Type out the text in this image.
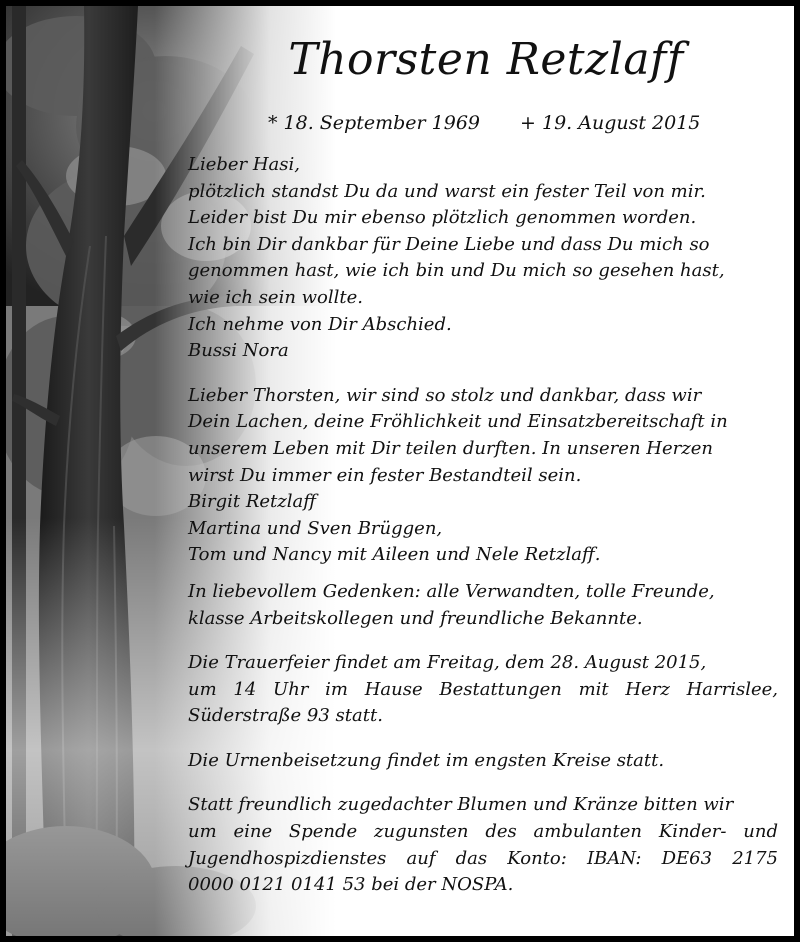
Thorsten Retzlaff
* 18. September 1969 + 19. August 2015
Lieber Hasi,
plötzlich standst Du da und warst ein fester Teil von mir.
Leider bist Du mir ebenso plötzlich genommen worden.
Ich bin Dir dankbar für Deine Liebe und dass Du mich so
genommen hast, wie ich bin und Du mich so gesehen hast,
wie ich sein wollte.
Ich nehme von Dir Abschied.
Bussi Nora
Lieber Thorsten, wir sind so stolz und dankbar, dass wir
Dein Lachen, deine Fröhlichkeit und Einsatzbereitschaft in
unserem Leben mit Dir teilen durften. In unseren Herzen
wirst Du immer ein fester Bestandteil sein.
Birgit Retzlaff
Martina und Sven Brüggen,
Tom und Nancy mit Aileen und Nele Retzlaff.
In liebevollem Gedenken: alle Verwandten, tolle Freunde,
klasse Arbeitskollegen und freundliche Bekannte.
Die Trauerfeier findet am Freitag, dem 28. August 2015,
um 14 Uhr im Hause Bestattungen mit Herz Harrislee,
Süderstraße 93 statt.
Die Urnenbeisetzung findet im engsten Kreise statt.
Statt freundlich zugedachter Blumen und Kränze bitten wir
um eine Spende zugunsten des ambulanten Kinder- und
Jugendhospizdienstes auf das Konto: IBAN: DE63 2175
0000 0121 0141 53 bei der NOSPA.
